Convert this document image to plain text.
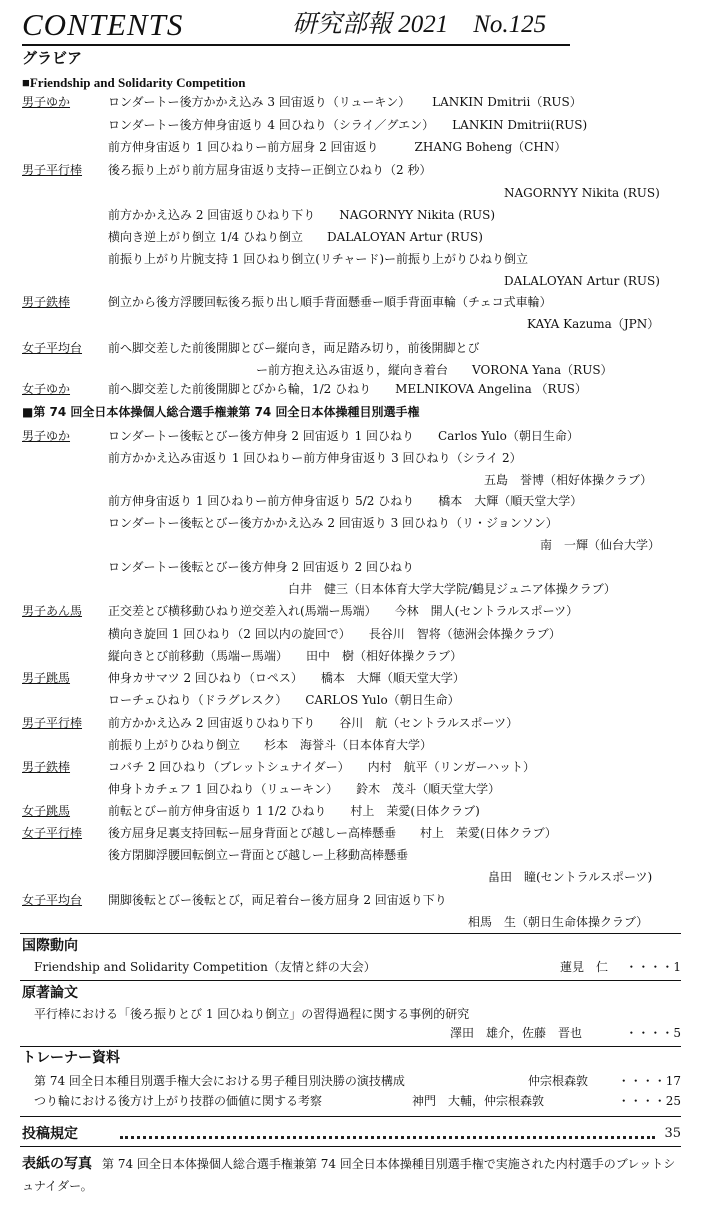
CONTENTS	研究部報 2021　No.125
グラビア
■Friendship and Solidarity Competition
男子ゆか	ロンダートー後方かかえ込み 3 回宙返り（リューキン）　　 LANKIN Dmitrii（RUS）
ロンダートー後方伸身宙返り 4 回ひねり（シライ／グエン）　　LANKIN Dmitrii(RUS)
前方伸身宙返り 1 回ひねりー前方屈身 2 回宙返り　　　ZHANG Boheng（CHN）
男子平行棒 後ろ振り上がり前方屈身宙返り支持ー正倒立ひねり（2 秒）
NAGORNYY Nikita (RUS)
前方かかえ込み 2 回宙返りひねり下り　　NAGORNYY Nikita (RUS)
横向き逆上がり倒立 1/4 ひねり倒立　　DALALOYAN Artur (RUS)
前振り上がり片腕支持 1 回ひねり倒立(リチャード)ー前振り上がりひねり倒立
DALALOYAN Artur (RUS)
男子鉄棒	倒立から後方浮腰回転後ろ振り出し順手背面懸垂ー順手背面車輪（チェコ式車輪）
KAYA Kazuma（JPN）
女子平均台 前へ脚交差した前後開脚とびー縦向き，両足踏み切り，前後開脚とび
ー前方抱え込み宙返り，縦向き着台　　VORONA Yana（RUS）
女子ゆか	前へ脚交差した前後開脚とびから輪，1/2 ひねり　　MELNIKOVA Angelina （RUS）
■第 74 回全日本体操個人総合選手権兼第 74 回全日本体操種目別選手権
男子ゆか	ロンダートー後転とびー後方伸身 2 回宙返り 1 回ひねり　　Carlos Yulo（朝日生命）
前方かかえ込み宙返り 1 回ひねりー前方伸身宙返り 3 回ひねり（シライ 2）
五島　誉博（相好体操クラブ）
前方伸身宙返り 1 回ひねりー前方伸身宙返り 5/2 ひねり　　橋本　大輝（順天堂大学）
ロンダートー後転とびー後方かかえ込み 2 回宙返り 3 回ひねり（リ・ジョンソン）
南　一輝（仙台大学）
ロンダートー後転とびー後方伸身 2 回宙返り 2 回ひねり
白井　健三（日本体育大学大学院/鶴見ジュニア体操クラブ）
男子あん馬 正交差とび横移動ひねり逆交差入れ(馬端ー馬端）　　今林　開人(セントラルスポーツ）
横向き旋回 1 回ひねり（2 回以内の旋回で）　　長谷川　智将（徳洲会体操クラブ）
縦向きとび前移動（馬端ー馬端）　　田中　樹（相好体操クラブ）
男子跳馬	伸身カサマツ 2 回ひねり（ロペス）　　橋本　大輝（順天堂大学）
ローチェひねり（ドラグレスク）　　CARLOS Yulo（朝日生命）
男子平行棒 前方かかえ込み 2 回宙返りひねり下り　　谷川　航（セントラルスポーツ）
前振り上がりひねり倒立　　杉本　海誉斗（日本体育大学）
男子鉄棒	コバチ 2 回ひねり（ブレットシュナイダー）　　内村　航平（リンガーハット）
伸身トカチェフ 1 回ひねり（リューキン）　　鈴木　茂斗（順天堂大学）
女子跳馬	前転とびー前方伸身宙返り 1 1/2 ひねり　　村上　茉愛(日体クラブ)
女子平行棒 後方屈身足裏支持回転ー屈身背面とび越しー高棒懸垂　　村上　茉愛(日体クラブ）
後方閉脚浮腰回転倒立ー背面とび越しー上移動高棒懸垂
畠田　瞳(セントラルスポーツ)
女子平均台 開脚後転とびー後転とび，両足着台ー後方屈身 2 回宙返り下り
相馬　生（朝日生命体操クラブ）
国際動向
Friendship and Solidarity Competition（友情と絆の大会）	蓮見　仁 ・・・・1
原著論文
平行棒における「後ろ振りとび 1 回ひねり倒立」の習得過程に関する事例的研究
澤田　雄介，佐藤　晋也	・・・・5
トレーナー資料
第 74 回全日本種目別選手権大会における男子種目別決勝の演技構成	仲宗根森敦 ・・・・17
つり輪における後方け上がり技群の価値に関する考察	神門　大輔，仲宗根森敦	・・・・25
投稿規定	35
表紙の写真 第 74 回全日本体操個人総合選手権兼第 74 回全日本体操種目別選手権で実施された内村選手のブレットシュナイダー。
